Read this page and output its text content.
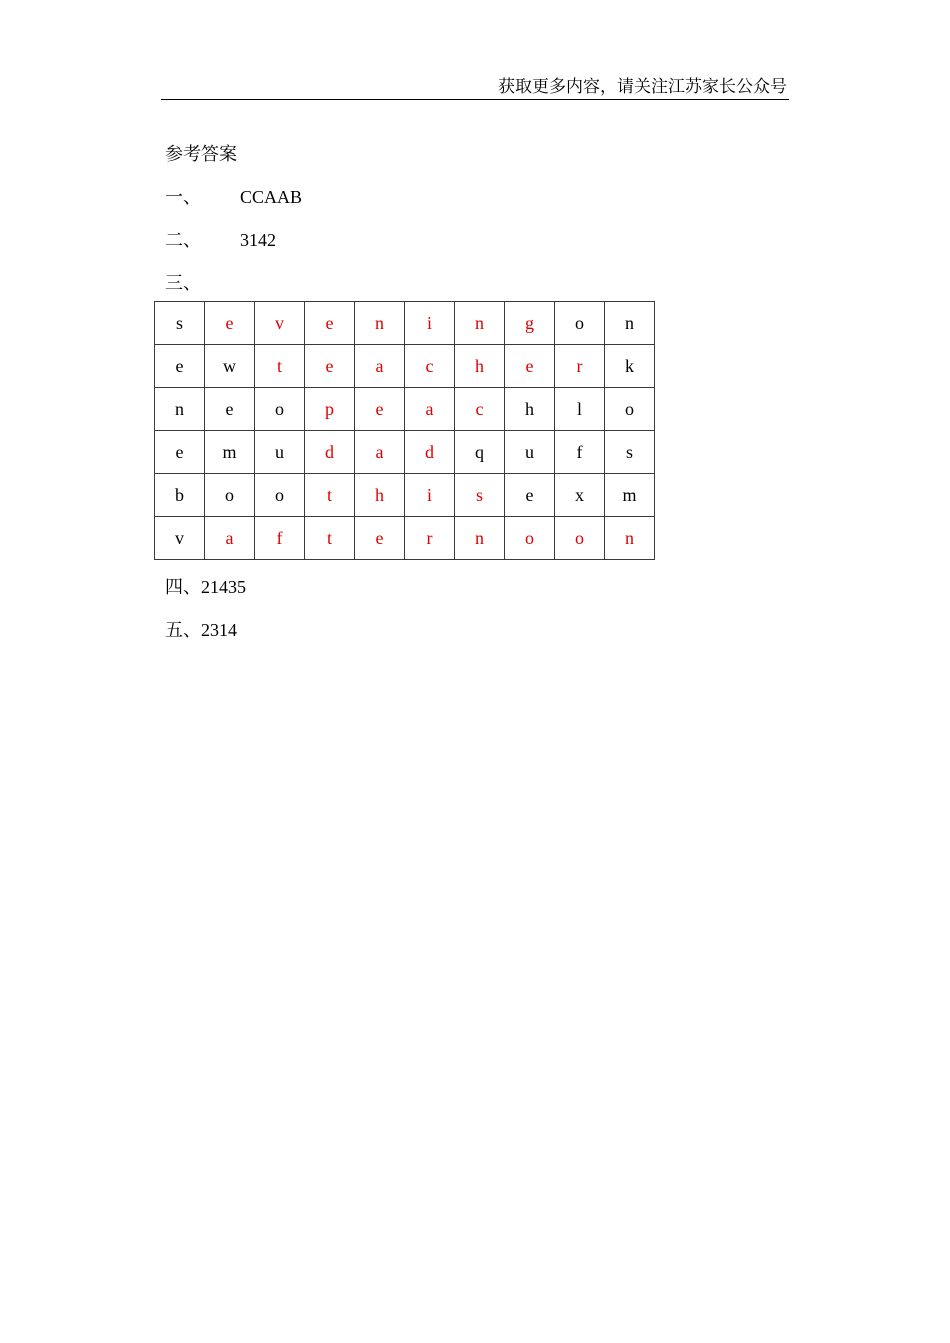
获取更多内容，请关注江苏家长公众号
参考答案
一、 CCAAB
二、 3142
三、
s	e	v	e	n	i	n	g	o	n
e	w	t	e	a	c	h	e	r	k
n	e	o	p	e	a	c	h	l	o
e	m	u	d	a	d	q	u	f	s
b	o	o	t	h	i	s	e	x	m
v	a	f	t	e	r	n	o	o	n
四、21435
五、2314
